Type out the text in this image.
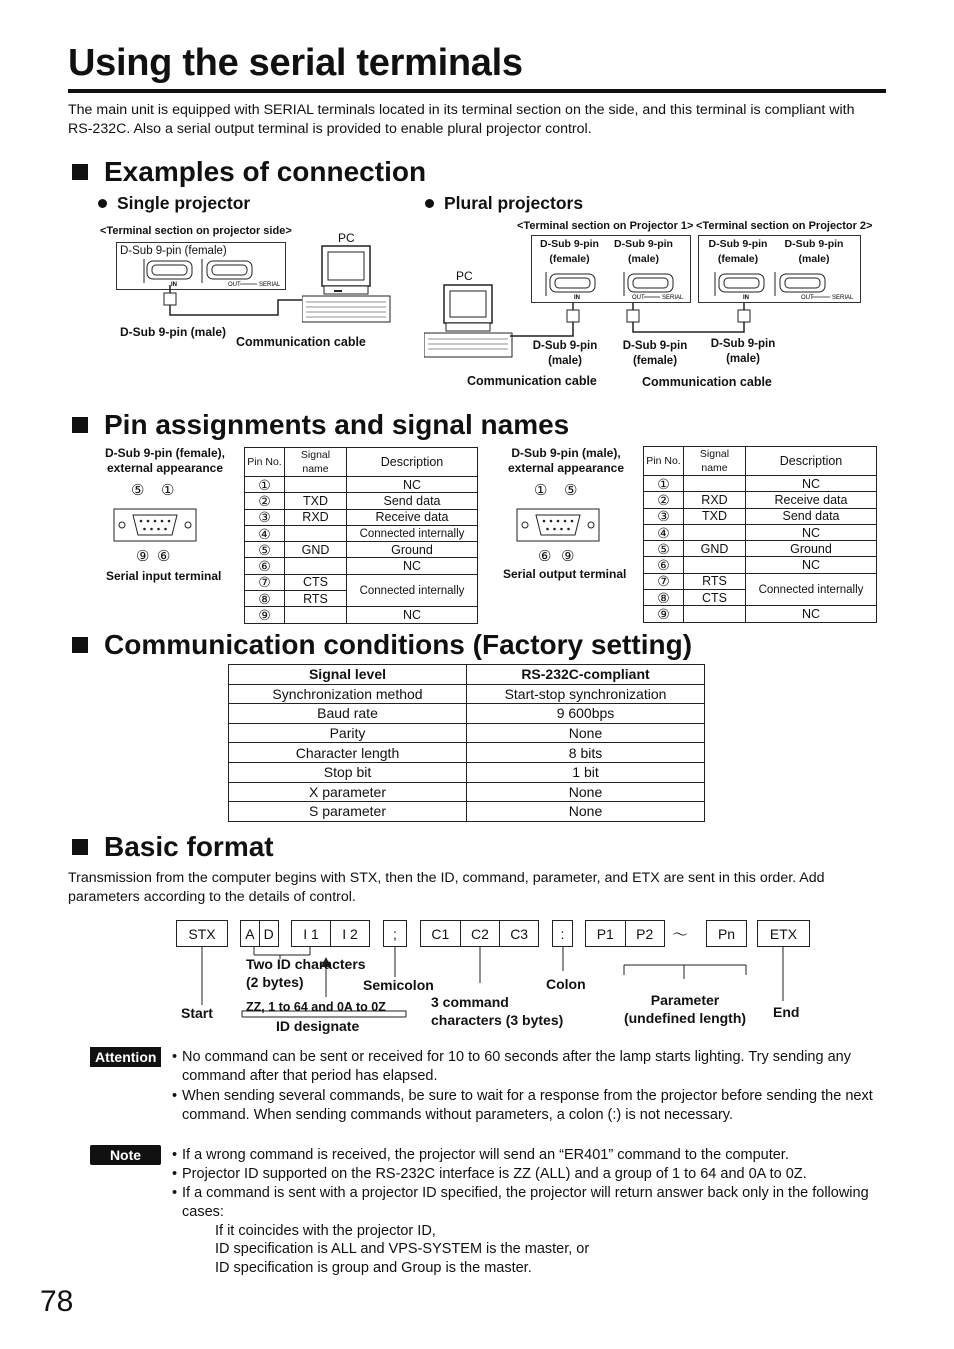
Using the serial terminals
The main unit is equipped with SERIAL terminals located in its terminal section on the side, and this terminal is compliant with RS-232C. Also a serial output terminal is provided to enable plural projector control.
Examples of connection
Single projector	Plural projectors
<Terminal section on projector side>	PC
D-Sub 9-pin (female)
IN	OUT	SERIAL
D-Sub 9-pin (male)
Communication cable
<Terminal section on Projector 1> <Terminal section on Projector 2>
D-Sub 9-pin
(female)
D-Sub 9-pin
(male)
IN	OUT	SERIAL
D-Sub 9-pin
(female)
D-Sub 9-pin
(male)
IN	OUT	SERIAL
PC
D-Sub 9-pin
(male)
D-Sub 9-pin
(female)
D-Sub 9-pin
(male)
Communication cable	Communication cable
Pin assignments and signal names
D-Sub 9-pin (female),
external appearance
⑤ ①
⑨ ⑥
Serial input terminal
Pin No.	Signal name	Description
①		NC
②	TXD	Send data
③	RXD	Receive data
④		Connected internally
⑤	GND	Ground
⑥		NC
⑦	CTS	Connected internally
⑧	RTS	
⑨		NC
D-Sub 9-pin (male),
external appearance
① ⑤
⑥ ⑨
Serial output terminal
Pin No.	Signal name	Description
①		NC
②	RXD	Receive data
③	TXD	Send data
④		NC
⑤	GND	Ground
⑥		NC
⑦	RTS	Connected internally
⑧	CTS	
⑨		NC
Communication conditions (Factory setting)
Signal level	RS-232C-compliant
Synchronization method	Start-stop synchronization
Baud rate	9 600bps
Parity	None
Character length	8 bits
Stop bit	1 bit
X parameter	None
S parameter	None
Basic format
Transmission from the computer begins with STX, then the ID, command, parameter, and ETX are sent in this order. Add parameters according to the details of control.
STX	A D	I 1	I 2	;	C1	C2	C3	:	P1	P2	～	Pn	ETX
Two ID characters
(2 bytes)	Semicolon	Colon
Start	ZZ, 1 to 64 and 0A to 0Z
ID designate
3 command
characters (3 bytes)
Parameter
(undefined length)	End
Attention	• No command can be sent or received for 10 to 60 seconds after the lamp starts lighting. Try sending any command after that period has elapsed.
• When sending several commands, be sure to wait for a response from the projector before sending the next command. When sending commands without parameters, a colon (:) is not necessary.
Note	• If a wrong command is received, the projector will send an “ER401” command to the computer.
• Projector ID supported on the RS-232C interface is ZZ (ALL) and a group of 1 to 64 and 0A to 0Z.
• If a command is sent with a projector ID specified, the projector will return answer back only in the following cases:
If it coincides with the projector ID,
ID specification is ALL and VPS-SYSTEM is the master, or
ID specification is group and Group is the master.
78
